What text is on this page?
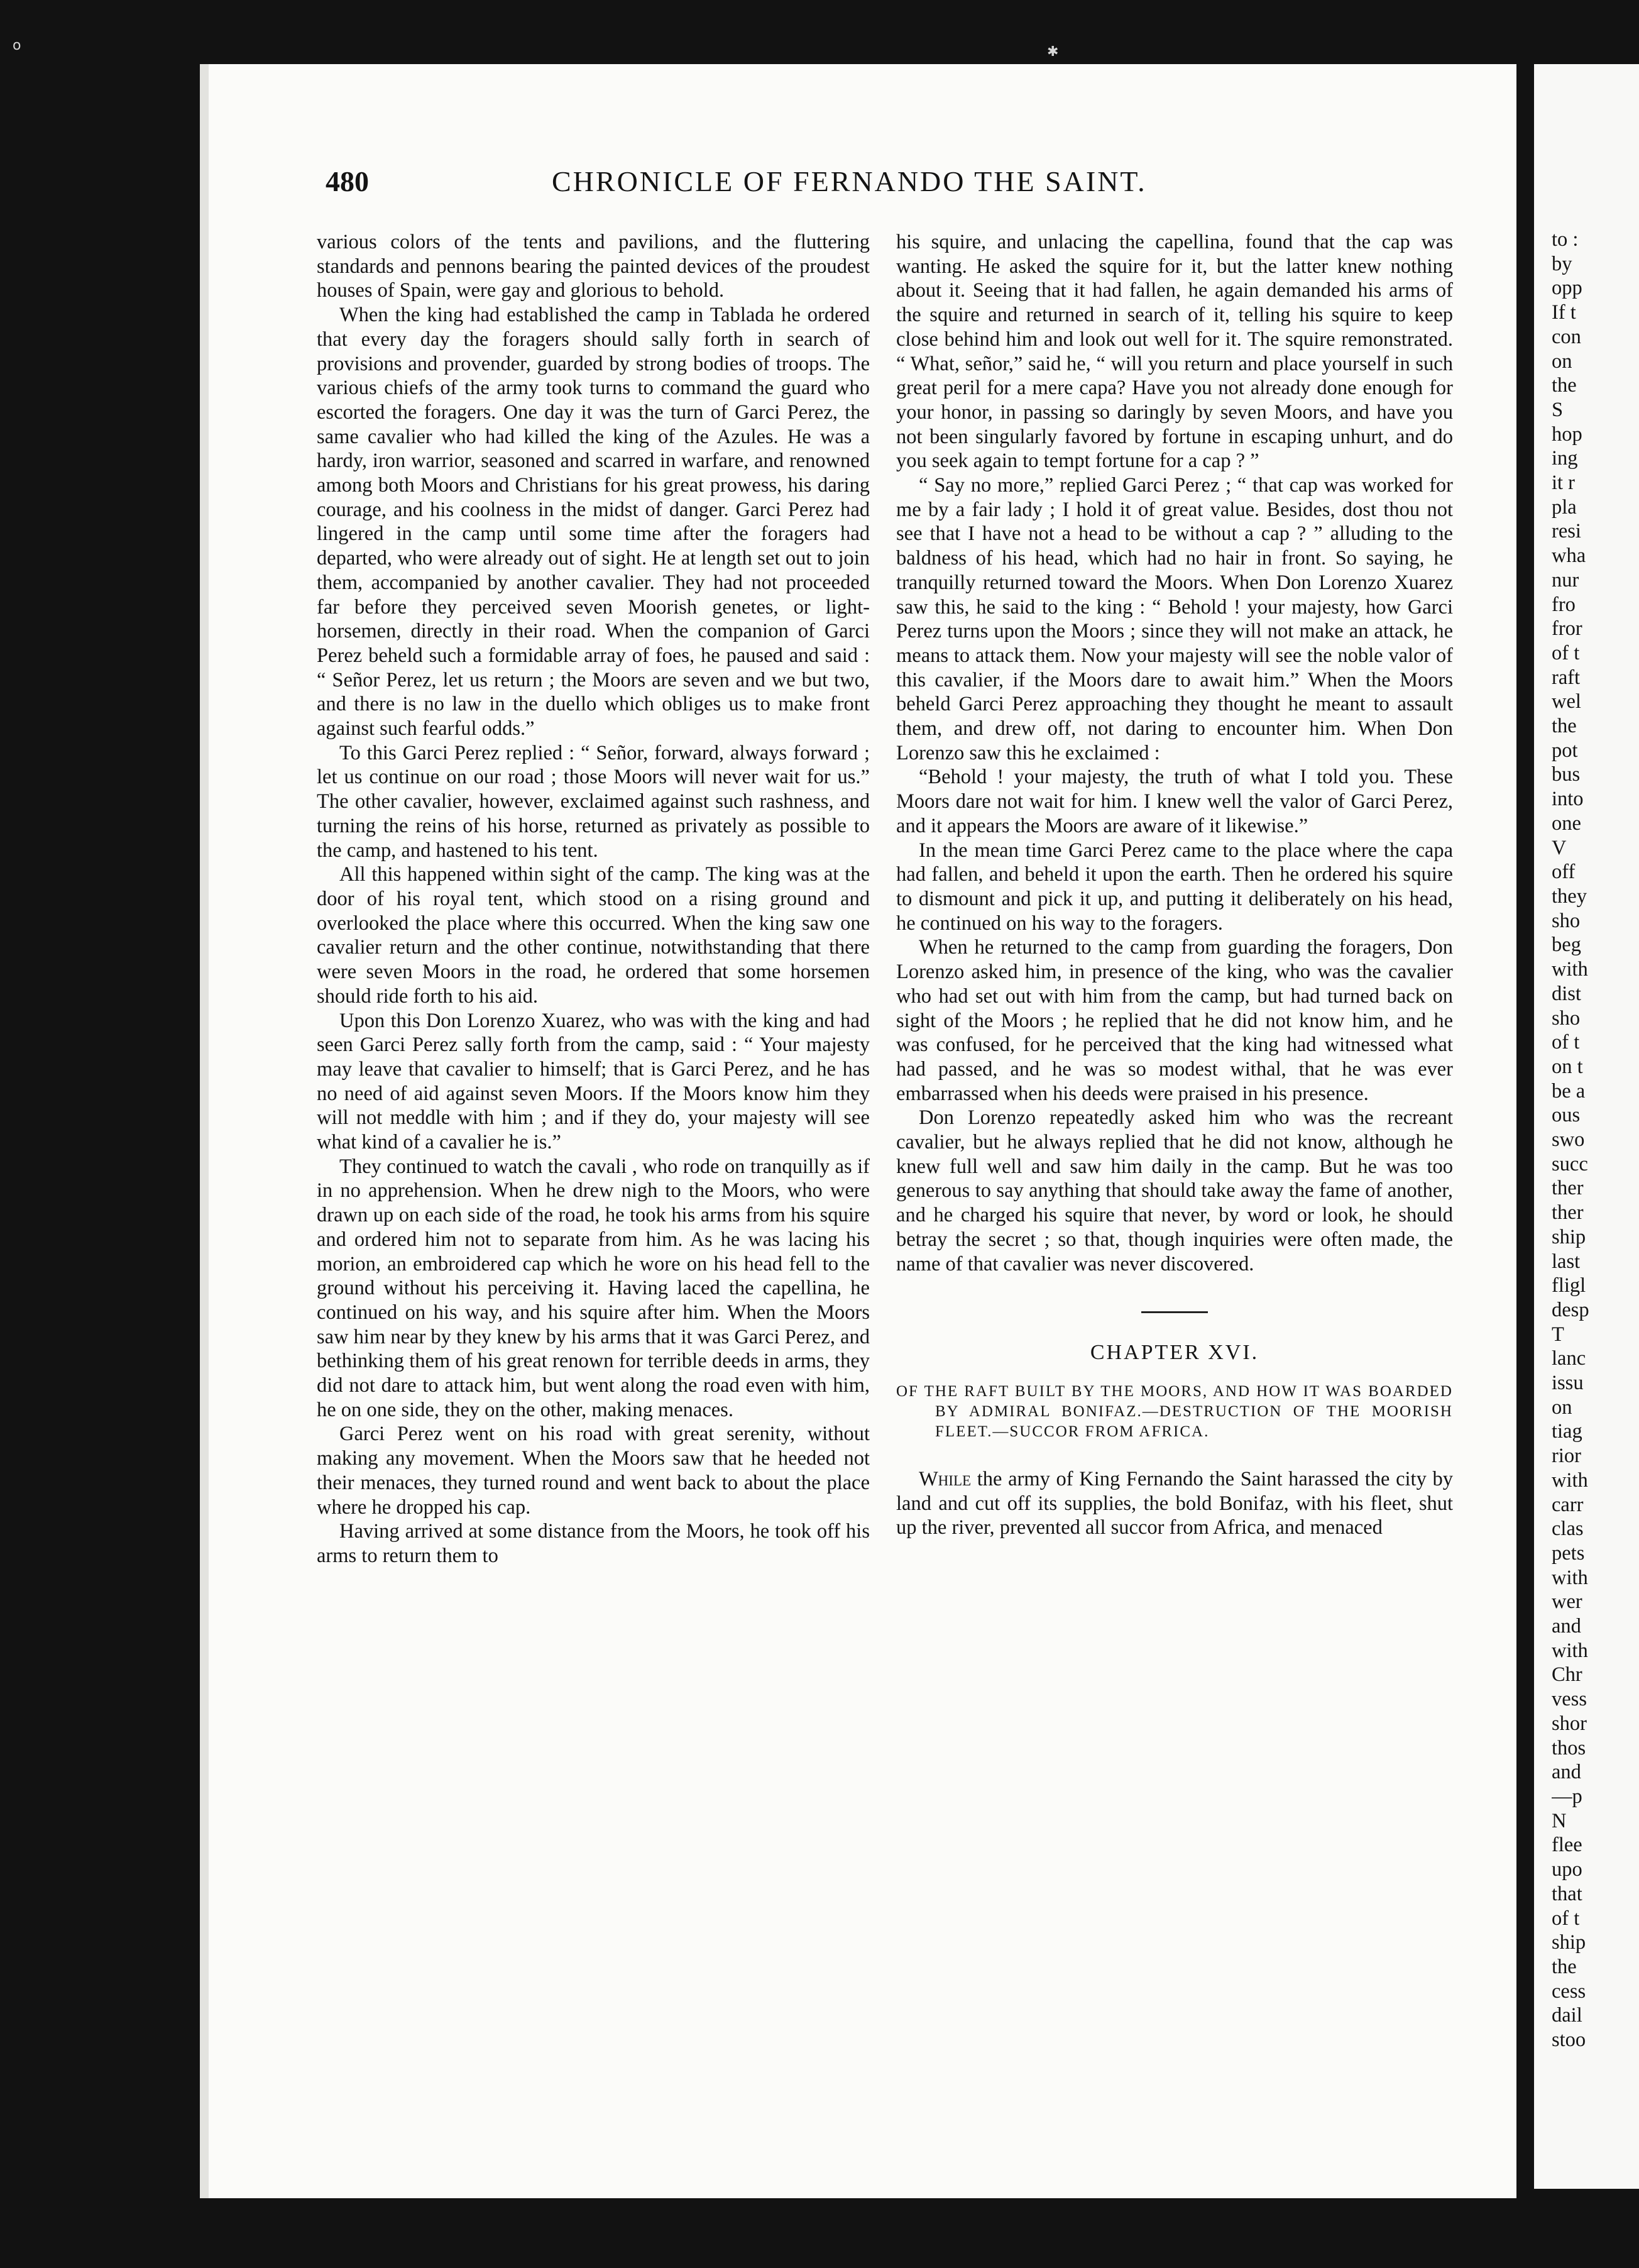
o	✱
480	CHRONICLE OF FERNANDO THE SAINT.

various colors of the tents and pavilions, and the fluttering standards and pennons bearing the painted devices of the proudest houses of Spain, were gay and glorious to behold.

When the king had established the camp in Tablada he ordered that every day the foragers should sally forth in search of provisions and provender, guarded by strong bodies of troops. The various chiefs of the army took turns to command the guard who escorted the foragers. One day it was the turn of Garci Perez, the same cavalier who had killed the king of the Azules. He was a hardy, iron warrior, seasoned and scarred in warfare, and renowned among both Moors and Christians for his great prowess, his daring courage, and his coolness in the midst of danger. Garci Perez had lingered in the camp until some time after the foragers had departed, who were already out of sight. He at length set out to join them, accompanied by another cavalier. They had not proceeded far before they perceived seven Moorish genetes, or light-horsemen, directly in their road. When the companion of Garci Perez beheld such a formidable array of foes, he paused and said : “ Señor Perez, let us return ; the Moors are seven and we but two, and there is no law in the duello which obliges us to make front against such fearful odds.”

To this Garci Perez replied : “ Señor, forward, always forward ; let us continue on our road ; those Moors will never wait for us.” The other cavalier, however, exclaimed against such rashness, and turning the reins of his horse, returned as privately as possible to the camp, and hastened to his tent.

All this happened within sight of the camp. The king was at the door of his royal tent, which stood on a rising ground and overlooked the place where this occurred. When the king saw one cavalier return and the other continue, notwithstanding that there were seven Moors in the road, he ordered that some horsemen should ride forth to his aid.

Upon this Don Lorenzo Xuarez, who was with the king and had seen Garci Perez sally forth from the camp, said : “ Your majesty may leave that cavalier to himself; that is Garci Perez, and he has no need of aid against seven Moors. If the Moors know him they will not meddle with him ; and if they do, your majesty will see what kind of a cavalier he is.”

They continued to watch the cavali , who rode on tranquilly as if in no apprehension. When he drew nigh to the Moors, who were drawn up on each side of the road, he took his arms from his squire and ordered him not to separate from him. As he was lacing his morion, an embroidered cap which he wore on his head fell to the ground without his perceiving it. Having laced the capellina, he continued on his way, and his squire after him. When the Moors saw him near by they knew by his arms that it was Garci Perez, and bethinking them of his great renown for terrible deeds in arms, they did not dare to attack him, but went along the road even with him, he on one side, they on the other, making menaces.

Garci Perez went on his road with great serenity, without making any movement. When the Moors saw that he heeded not their menaces, they turned round and went back to about the place where he dropped his cap.

Having arrived at some distance from the Moors, he took off his arms to return them to

his squire, and unlacing the capellina, found that the cap was wanting. He asked the squire for it, but the latter knew nothing about it. Seeing that it had fallen, he again demanded his arms of the squire and returned in search of it, telling his squire to keep close behind him and look out well for it. The squire remonstrated. “ What, señor,” said he, “ will you return and place yourself in such great peril for a mere capa? Have you not already done enough for your honor, in passing so daringly by seven Moors, and have you not been singularly favored by fortune in escaping unhurt, and do you seek again to tempt fortune for a cap ? ”

“ Say no more,” replied Garci Perez ; “ that cap was worked for me by a fair lady ; I hold it of great value. Besides, dost thou not see that I have not a head to be without a cap ? ” alluding to the baldness of his head, which had no hair in front. So saying, he tranquilly returned toward the Moors. When Don Lorenzo Xuarez saw this, he said to the king : “ Behold ! your majesty, how Garci Perez turns upon the Moors ; since they will not make an attack, he means to attack them. Now your majesty will see the noble valor of this cavalier, if the Moors dare to await him.” When the Moors beheld Garci Perez approaching they thought he meant to assault them, and drew off, not daring to encounter him. When Don Lorenzo saw this he exclaimed :

“Behold ! your majesty, the truth of what I told you. These Moors dare not wait for him. I knew well the valor of Garci Perez, and it appears the Moors are aware of it likewise.”

In the mean time Garci Perez came to the place where the capa had fallen, and beheld it upon the earth. Then he ordered his squire to dismount and pick it up, and putting it deliberately on his head, he continued on his way to the foragers.

When he returned to the camp from guarding the foragers, Don Lorenzo asked him, in presence of the king, who was the cavalier who had set out with him from the camp, but had turned back on sight of the Moors ; he replied that he did not know him, and he was confused, for he perceived that the king had witnessed what had passed, and he was so modest withal, that he was ever embarrassed when his deeds were praised in his presence.

Don Lorenzo repeatedly asked him who was the recreant cavalier, but he always replied that he did not know, although he knew full well and saw him daily in the camp. But he was too generous to say anything that should take away the fame of another, and he charged his squire that never, by word or look, he should betray the secret ; so that, though inquiries were often made, the name of that cavalier was never discovered.

CHAPTER XVI.
OF THE RAFT BUILT BY THE MOORS, AND HOW IT WAS BOARDED BY ADMIRAL BONIFAZ.—DESTRUCTION OF THE MOORISH FLEET.—SUCCOR FROM AFRICA.

While the army of King Fernando the Saint harassed the city by land and cut off its supplies, the bold Bonifaz, with his fleet, shut up the river, prevented all succor from Africa, and menaced

to :
by
opp
If t
con
on
the
S
hop
ing
it r
pla
resi
wha
nur
fro
fror
of t
raft
wel
the
pot
bus
into
one
V
off
they
sho
beg
with
dist
sho
of t
on t
be a
ous
swo
succ
ther
ther
ship
last
fligl
desp
T
lanc
issu
on
tiag
rior
with
carr
clas
pets
with
wer
and
with
Chr
vess
shor
thos
and
—p
N
flee
upo
that
of t
ship
the
cess
dail
stoo
